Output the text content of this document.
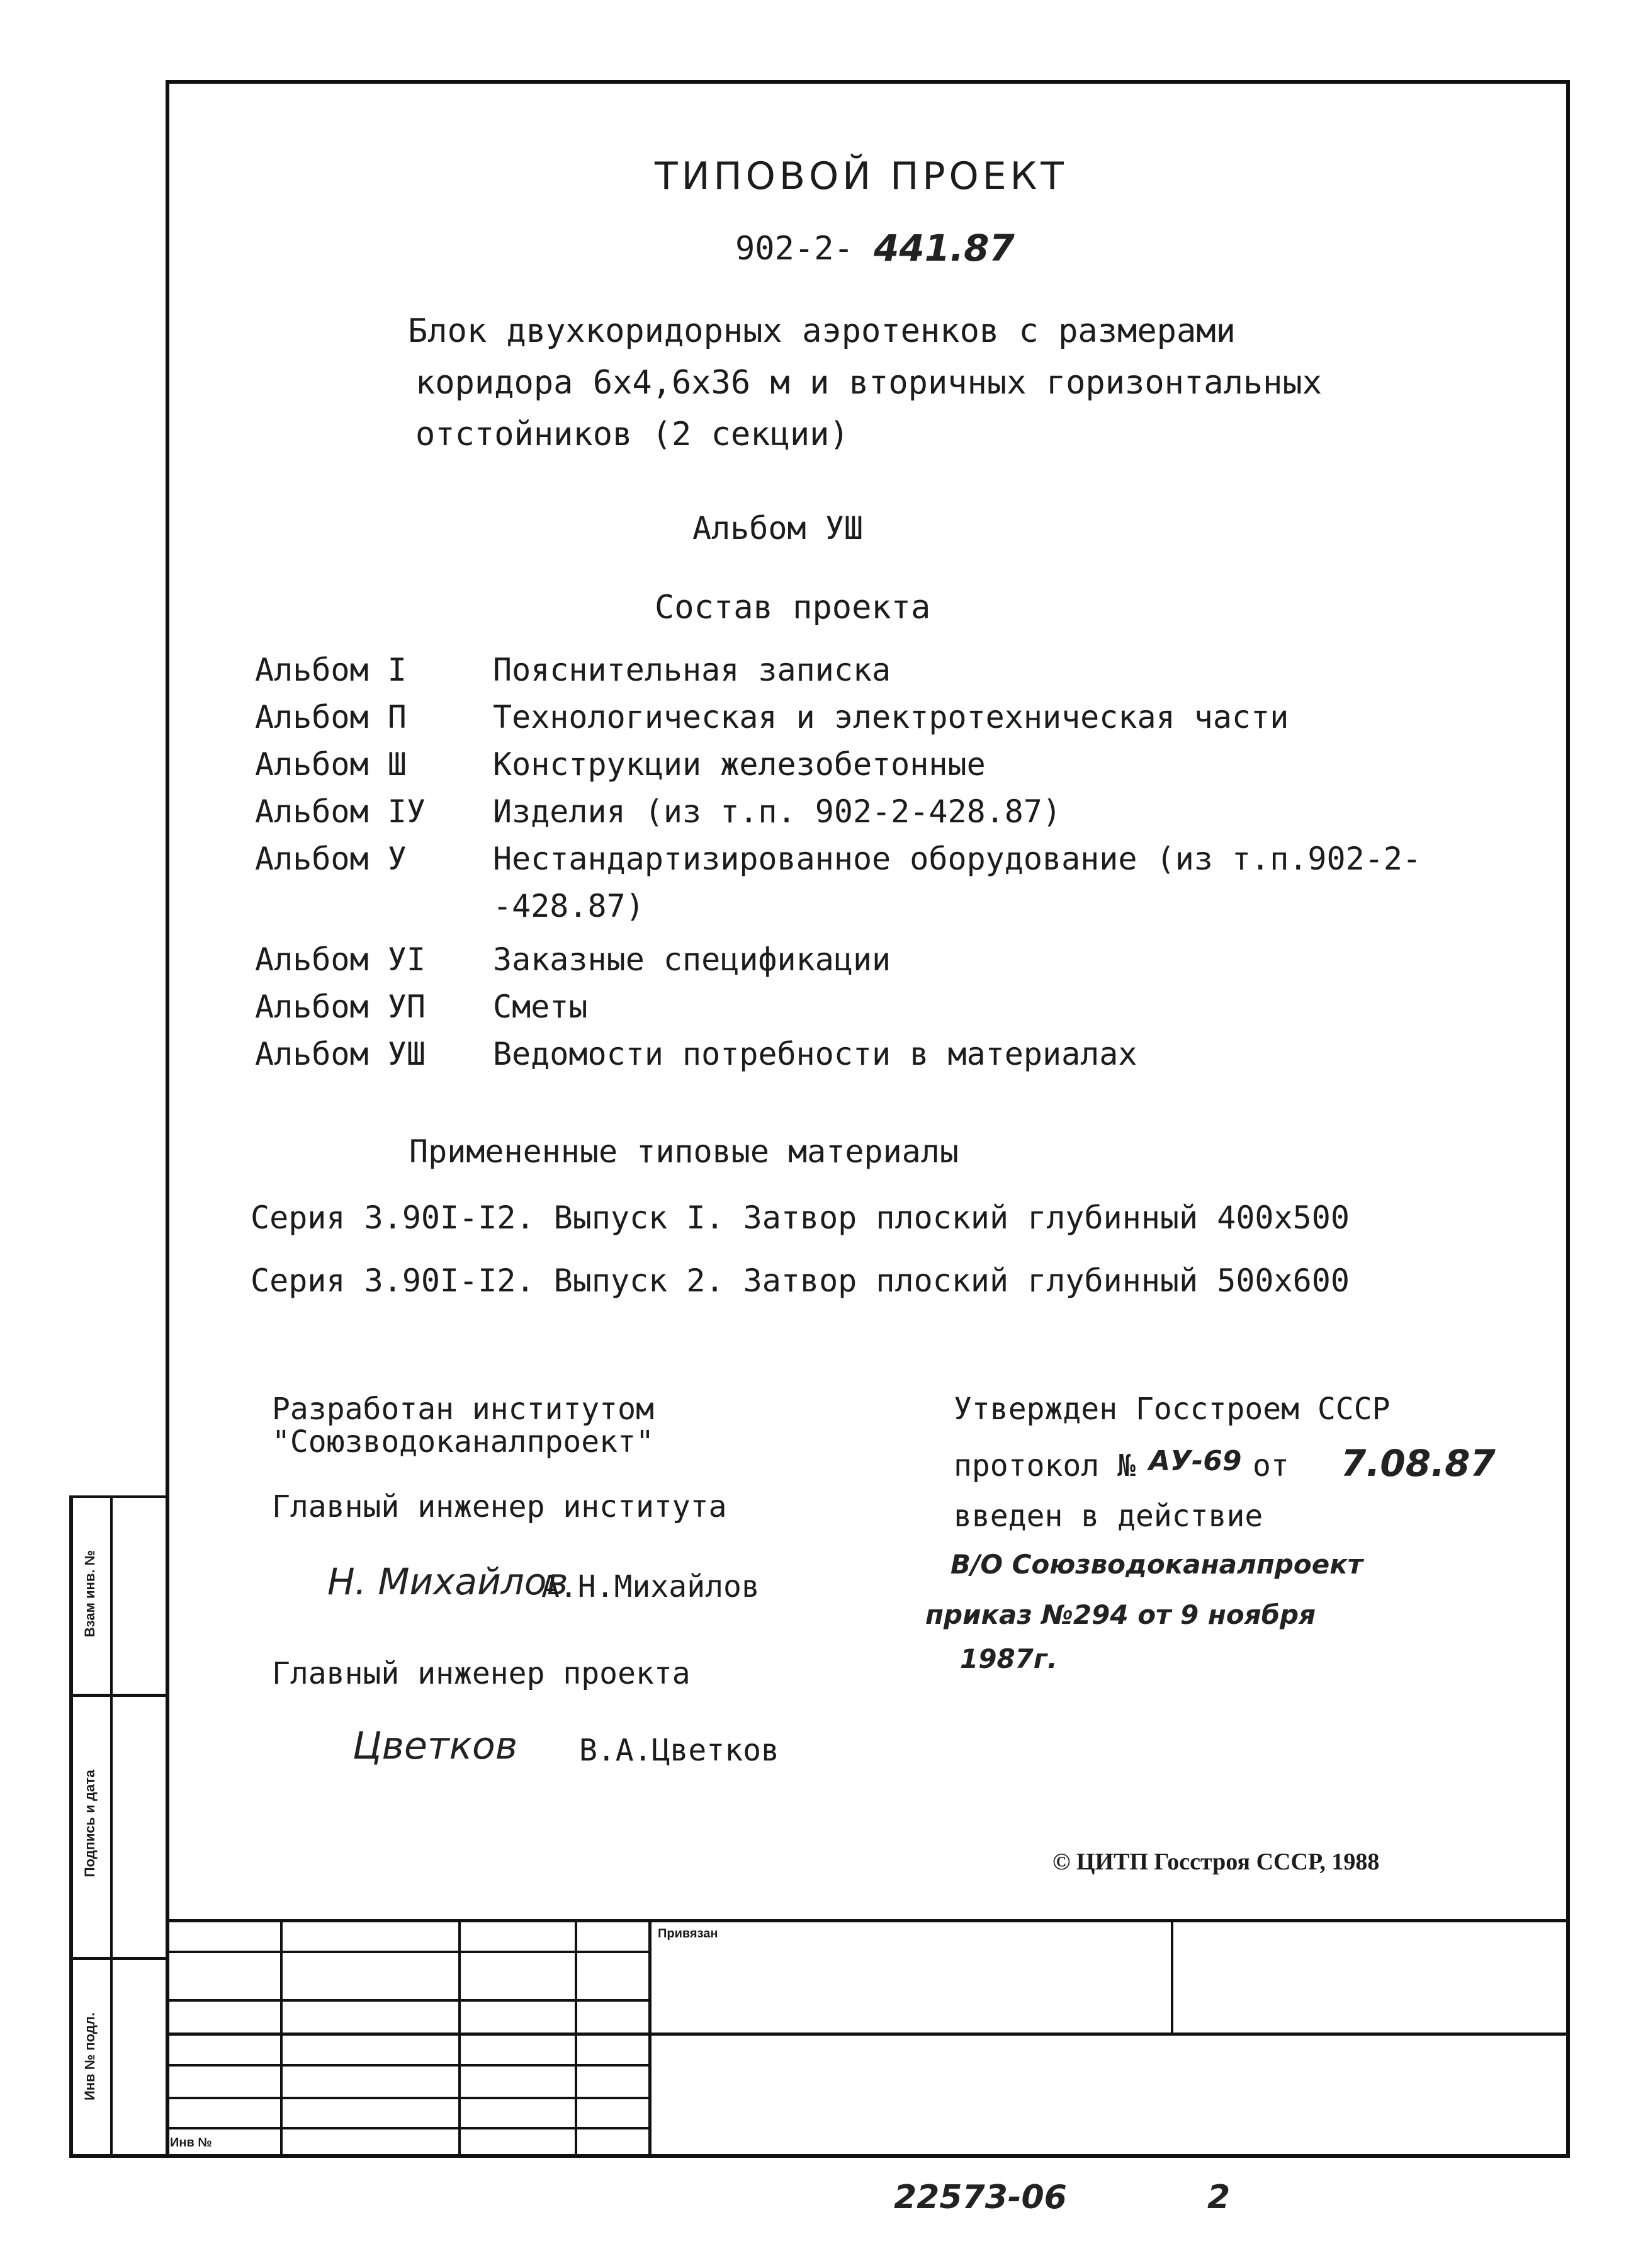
ТИПОВОЙ ПРОЕКТ
902-2- 441.87
Блок двухкоридорных аэротенков с размерами
коридора 6х4,6х36 м и вторичных горизонтальных
отстойников (2 секции)
Альбом УШ
Состав проекта
Альбом I	Пояснительная записка
Альбом П	Технологическая и электротехническая части
Альбом Ш	Конструкции железобетонные
Альбом IУ Изделия (из т.п. 902-2-428.87)
Альбом У	Нестандартизированное оборудование (из т.п.902-2-
-428.87)
Альбом УI Заказные спецификации
Альбом УП Сметы
Альбом УШ Ведомости потребности в материалах
Примененные типовые материалы
Серия 3.90I-I2. Выпуск I. Затвор плоский глубинный 400х500
Серия 3.90I-I2. Выпуск 2. Затвор плоский глубинный 500х600
Разработан институтом
"Союзводоканалпроект"
Главный инженер института
Н. Михайлов
А.Н.Михайлов
Главный инженер проекта
Цветков В.А.Цветков
Утвержден Госстроем СССР
протокол № АУ-69 от 7.08.87
введен в действие
В/О Союзводоканалпроект
приказ №294 от 9 ноября
1987г.
© ЦИТП Госстроя СССР, 1988
Взам инв. №
Подпись и дата
Инв № подл.
Привязан
Инв №
22573-06	2
